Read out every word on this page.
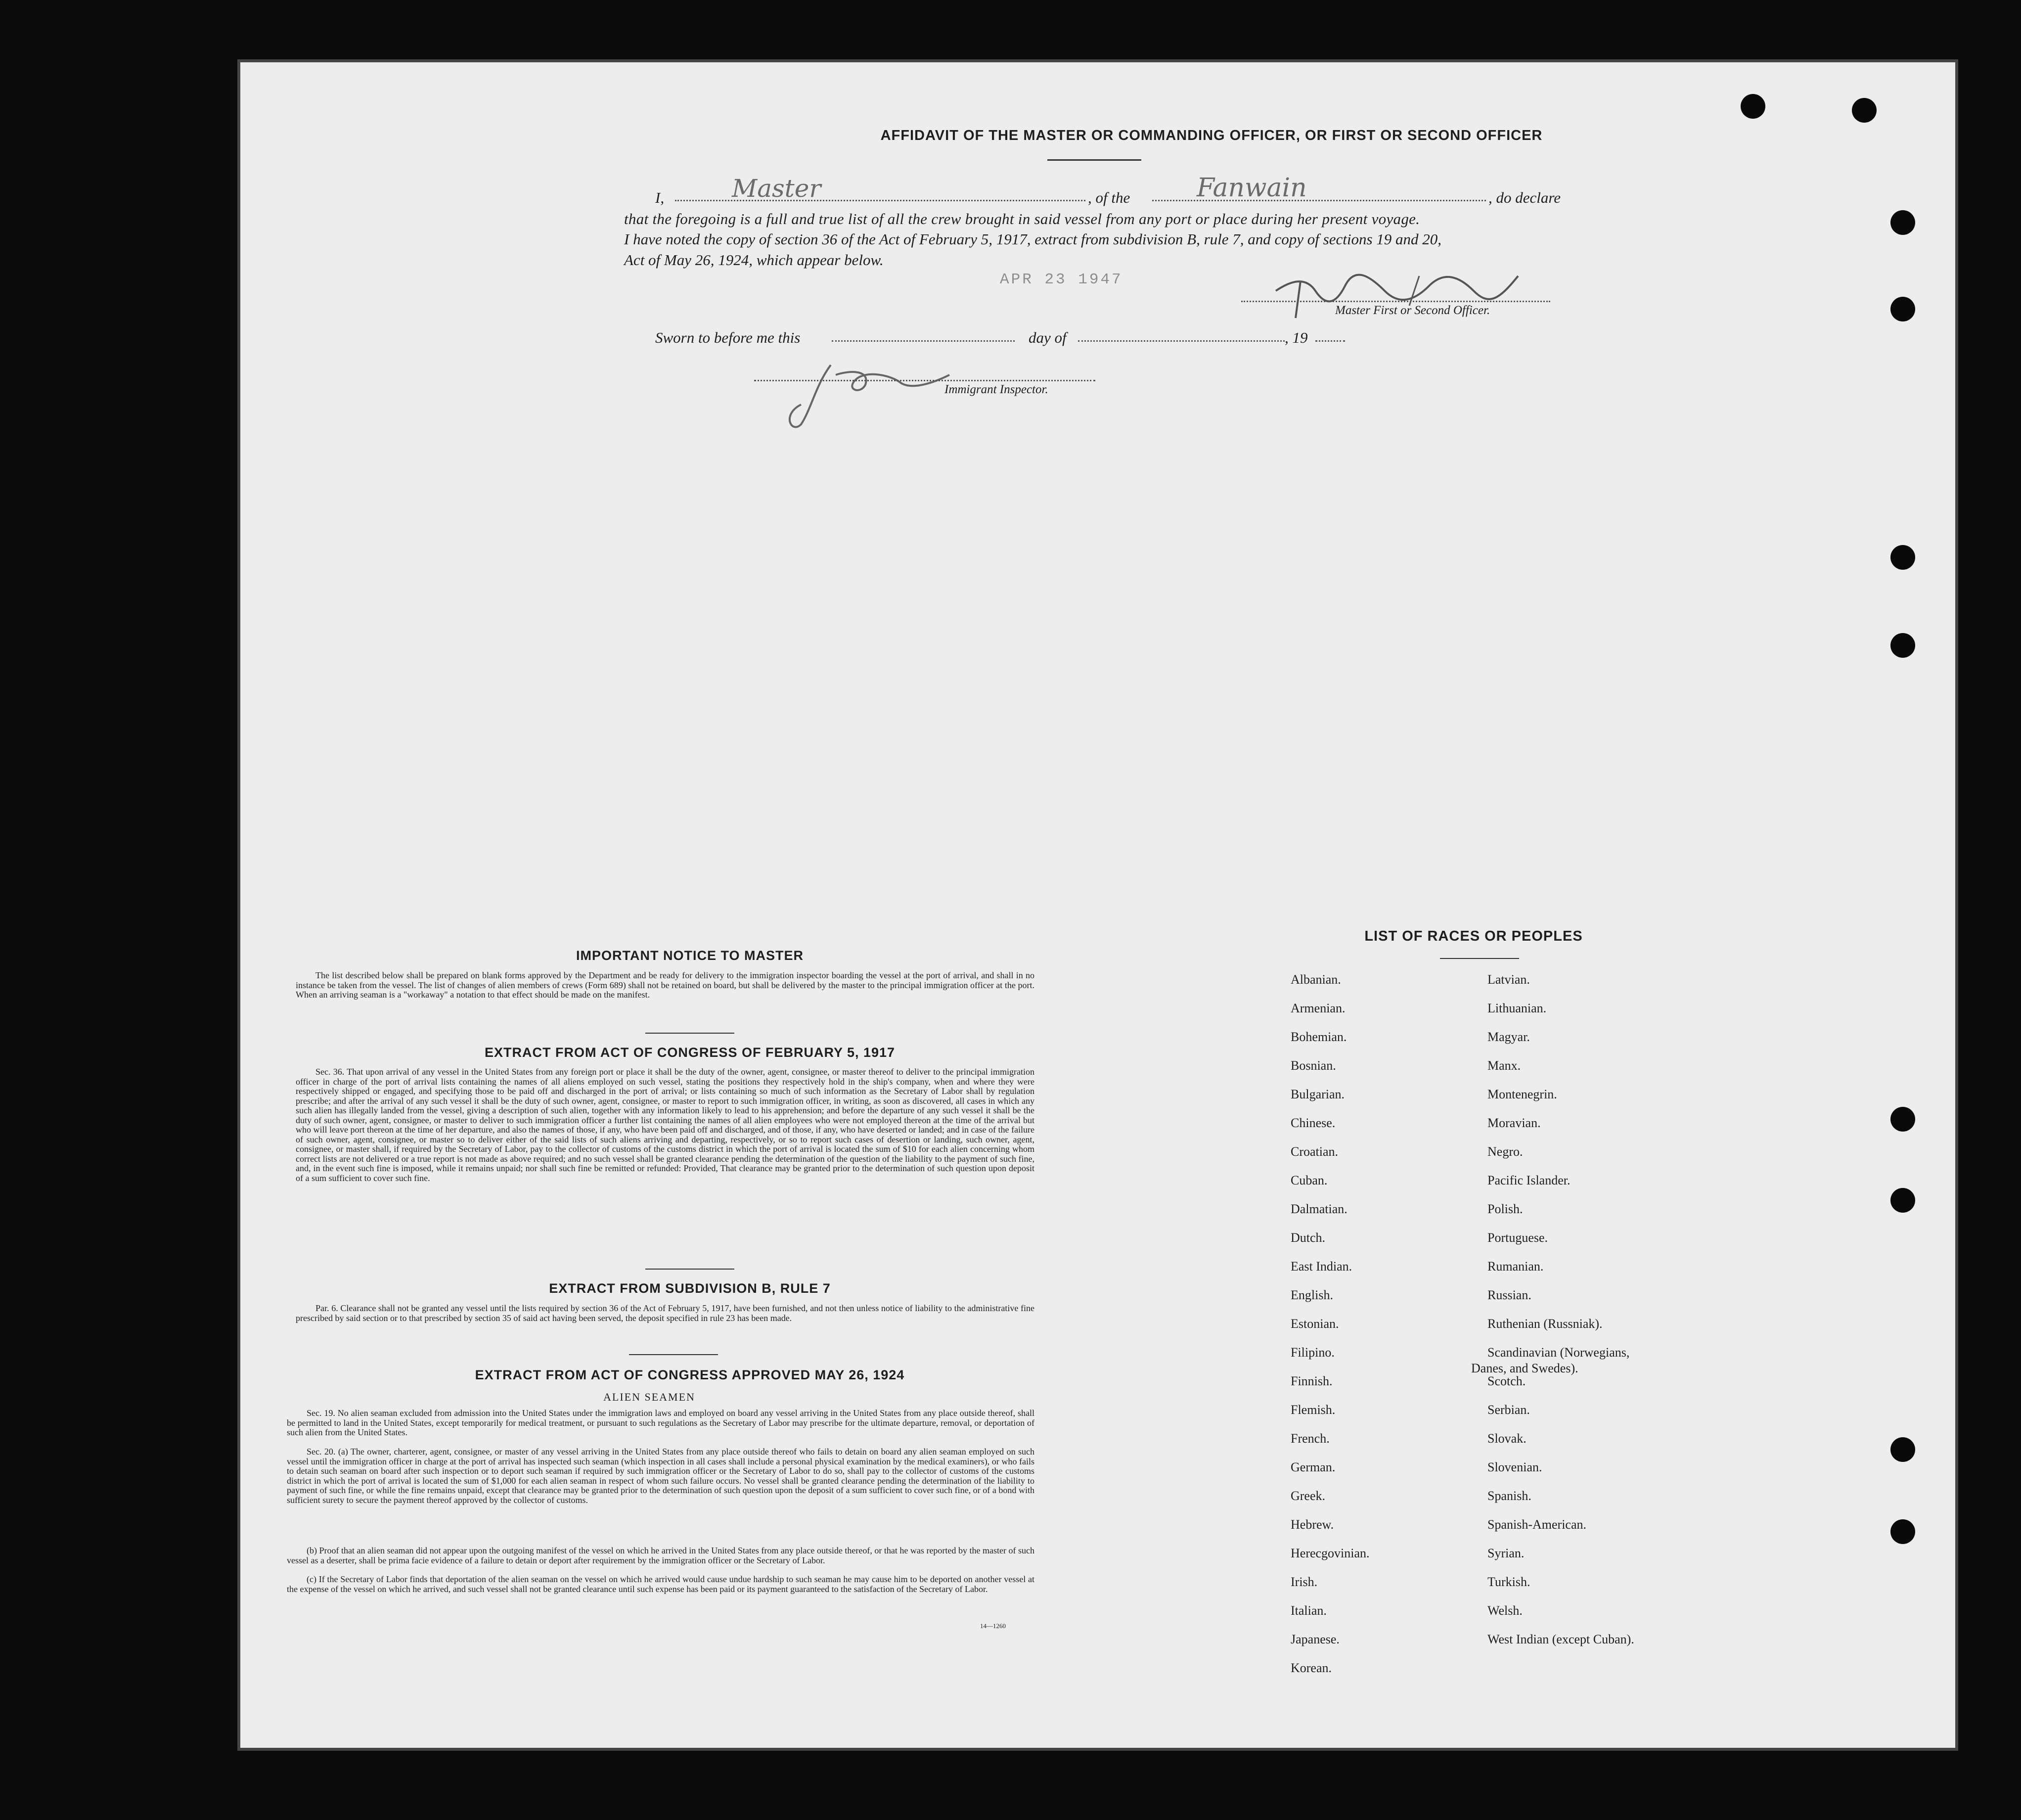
AFFIDAVIT OF THE MASTER OR COMMANDING OFFICER, OR FIRST OR SECOND OFFICER
I,	Master	, of the	Fanwain	, do declare
that the foregoing is a full and true list of all the crew brought in said vessel from any port or place during her present voyage.
I have noted the copy of section 36 of the Act of February 5, 1917, extract from subdivision B, rule 7, and copy of sections 19 and 20,
Act of May 26, 1924, which appear below.
APR 23 1947
Master First or Second Officer.
Sworn to before me this	day of	, 19
Immigrant Inspector.
IMPORTANT NOTICE TO MASTER
The list described below shall be prepared on blank forms approved by the Department and be ready for delivery to the immigration inspector boarding the vessel at the port of arrival, and shall in no instance be taken from the vessel. The list of changes of alien members of crews (Form 689) shall not be retained on board, but shall be delivered by the master to the principal immigration officer at the port. When an arriving seaman is a "workaway" a notation to that effect should be made on the manifest.
EXTRACT FROM ACT OF CONGRESS OF FEBRUARY 5, 1917
Sec. 36. That upon arrival of any vessel in the United States from any foreign port or place it shall be the duty of the owner, agent, consignee, or master thereof to deliver to the principal immigration officer in charge of the port of arrival lists containing the names of all aliens employed on such vessel, stating the positions they respectively hold in the ship's company, when and where they were respectively shipped or engaged, and specifying those to be paid off and discharged in the port of arrival; or lists containing so much of such information as the Secretary of Labor shall by regulation prescribe; and after the arrival of any such vessel it shall be the duty of such owner, agent, consignee, or master to report to such immigration officer, in writing, as soon as discovered, all cases in which any such alien has illegally landed from the vessel, giving a description of such alien, together with any information likely to lead to his apprehension; and before the departure of any such vessel it shall be the duty of such owner, agent, consignee, or master to deliver to such immigration officer a further list containing the names of all alien employees who were not employed thereon at the time of the arrival but who will leave port thereon at the time of her departure, and also the names of those, if any, who have been paid off and discharged, and of those, if any, who have deserted or landed; and in case of the failure of such owner, agent, consignee, or master so to deliver either of the said lists of such aliens arriving and departing, respectively, or so to report such cases of desertion or landing, such owner, agent, consignee, or master shall, if required by the Secretary of Labor, pay to the collector of customs of the customs district in which the port of arrival is located the sum of $10 for each alien concerning whom correct lists are not delivered or a true report is not made as above required; and no such vessel shall be granted clearance pending the determination of the question of the liability to the payment of such fine, and, in the event such fine is imposed, while it remains unpaid; nor shall such fine be remitted or refunded: Provided, That clearance may be granted prior to the determination of such question upon deposit of a sum sufficient to cover such fine.
EXTRACT FROM SUBDIVISION B, RULE 7
Par. 6. Clearance shall not be granted any vessel until the lists required by section 36 of the Act of February 5, 1917, have been furnished, and not then unless notice of liability to the administrative fine prescribed by said section or to that prescribed by section 35 of said act having been served, the deposit specified in rule 23 has been made.
EXTRACT FROM ACT OF CONGRESS APPROVED MAY 26, 1924
ALIEN SEAMEN
Sec. 19. No alien seaman excluded from admission into the United States under the immigration laws and employed on board any vessel arriving in the United States from any place outside thereof, shall be permitted to land in the United States, except temporarily for medical treatment, or pursuant to such regulations as the Secretary of Labor may prescribe for the ultimate departure, removal, or deportation of such alien from the United States.
Sec. 20. (a) The owner, charterer, agent, consignee, or master of any vessel arriving in the United States from any place outside thereof who fails to detain on board any alien seaman employed on such vessel until the immigration officer in charge at the port of arrival has inspected such seaman (which inspection in all cases shall include a personal physical examination by the medical examiners), or who fails to detain such seaman on board after such inspection or to deport such seaman if required by such immigration officer or the Secretary of Labor to do so, shall pay to the collector of customs of the customs district in which the port of arrival is located the sum of $1,000 for each alien seaman in respect of whom such failure occurs. No vessel shall be granted clearance pending the determination of the liability to payment of such fine, or while the fine remains unpaid, except that clearance may be granted prior to the determination of such question upon the deposit of a sum sufficient to cover such fine, or of a bond with sufficient surety to secure the payment thereof approved by the collector of customs.
(b) Proof that an alien seaman did not appear upon the outgoing manifest of the vessel on which he arrived in the United States from any place outside thereof, or that he was reported by the master of such vessel as a deserter, shall be prima facie evidence of a failure to detain or deport after requirement by the immigration officer or the Secretary of Labor.
(c) If the Secretary of Labor finds that deportation of the alien seaman on the vessel on which he arrived would cause undue hardship to such seaman he may cause him to be deported on another vessel at the expense of the vessel on which he arrived, and such vessel shall not be granted clearance until such expense has been paid or its payment guaranteed to the satisfaction of the Secretary of Labor.
14—1260
LIST OF RACES OR PEOPLES
Albanian.
Armenian.
Bohemian.
Bosnian.
Bulgarian.
Chinese.
Croatian.
Cuban.
Dalmatian.
Dutch.
East Indian.
English.
Estonian.
Filipino.
Finnish.
Flemish.
French.
German.
Greek.
Hebrew.
Herecgovinian.
Irish.
Italian.
Japanese.
Korean.
Latvian.
Lithuanian.
Magyar.
Manx.
Montenegrin.
Moravian.
Negro.
Pacific Islander.
Polish.
Portuguese.
Rumanian.
Russian.
Ruthenian (Russniak).
Scandinavian (Norwegians,
Danes, and Swedes).
Scotch.
Serbian.
Slovak.
Slovenian.
Spanish.
Spanish-American.
Syrian.
Turkish.
Welsh.
West Indian (except Cuban).
